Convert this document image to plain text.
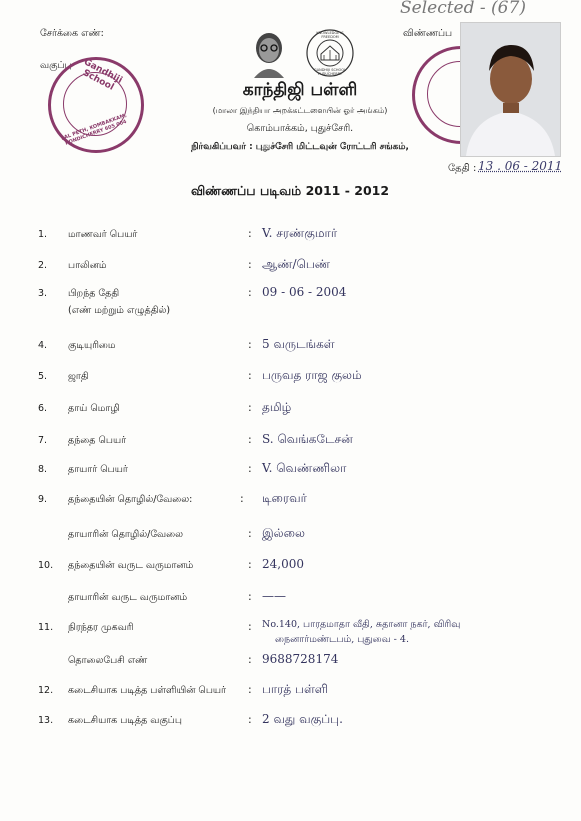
Selected - (67)
சேர்க்கை எண்:
வகுப்பு
விண்ணப்ப
Gandhiji School
LAL PETH, KOMBAKKAM, PONDICHERRY 605 004
KNOWLEDGE IS FREEDOM
GANDHIJI SCHOOL PUDUCHERRY
காந்திஜி பள்ளி
(மாலா இந்தியா அறக்கட்டளையின் ஓர் அங்கம்)
கொம்பாக்கம், புதுச்சேரி.
நிர்வகிப்பவர் : புதுச்சேரி மிட்டவுன் ரோட்டரி சங்கம்,
தேதி : 13 . 06 - 2011
விண்ணப்ப படிவம் 2011 - 2012
1. மாணவர் பெயர்	: V. சரண்குமார்
2. பாலினம்	: ஆண்/பெண்
3. பிறந்த தேதி
(எண் மற்றும் எழுத்தில்)
: 09 - 06 - 2004
4. குடியுரிமை	: 5 வருடங்கள்
5. ஜாதி	: பருவத ராஜ குலம்
6. தாய் மொழி	: தமிழ்
7. தந்தை பெயர்	: S. வெங்கடேசன்
8. தாயார் பெயர்	: V. வெண்ணிலா
9. தந்தையின் தொழில்/வேலை:	: டிரைவர்
தாயாரின் தொழில்/வேலை	: இல்லை
10. தந்தையின் வருட வருமானம்	: 24,000
தாயாரின் வருட வருமானம்	: ——
11. நிரந்தர முகவரி	: No.140, பாரதமாதா வீதி, சுதானா நகர், விரிவு
நைனார்மண்டபம், புதுவை - 4.
தொலைபேசி எண்	: 9688728174
12. கடைசியாக படித்த பள்ளியின் பெயர் : பாரத் பள்ளி
13. கடைசியாக படித்த வகுப்பு	: 2 வது வகுப்பு.
